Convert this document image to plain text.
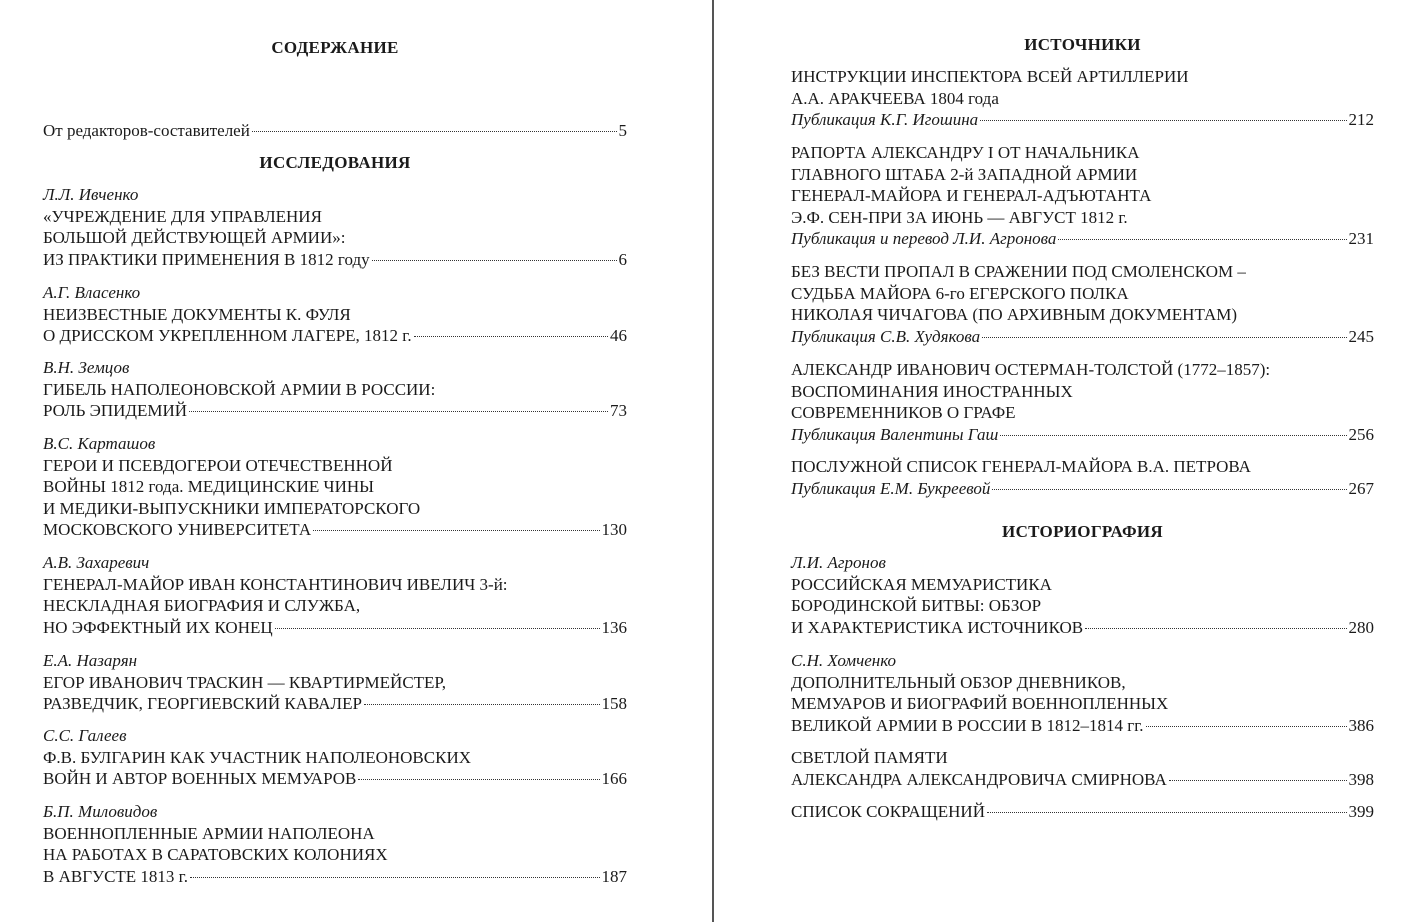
СОДЕРЖАНИЕ
От редакторов-составителей	5
ИССЛЕДОВАНИЯ
Л.Л. Ивченко
«УЧРЕЖДЕНИЕ ДЛЯ УПРАВЛЕНИЯ
БОЛЬШОЙ ДЕЙСТВУЮЩЕЙ АРМИИ»:
ИЗ ПРАКТИКИ ПРИМЕНЕНИЯ В 1812 году	6
А.Г. Власенко
НЕИЗВЕСТНЫЕ ДОКУМЕНТЫ К. ФУЛЯ
О ДРИССКОМ УКРЕПЛЕННОМ ЛАГЕРЕ, 1812 г.	46
В.Н. Земцов
ГИБЕЛЬ НАПОЛЕОНОВСКОЙ АРМИИ В РОССИИ:
РОЛЬ ЭПИДЕМИЙ	73
В.С. Карташов
ГЕРОИ И ПСЕВДОГЕРОИ ОТЕЧЕСТВЕННОЙ
ВОЙНЫ 1812 года. МЕДИЦИНСКИЕ ЧИНЫ
И МЕДИКИ-ВЫПУСКНИКИ ИМПЕРАТОРСКОГО
МОСКОВСКОГО УНИВЕРСИТЕТА	130
А.В. Захаревич
ГЕНЕРАЛ-МАЙОР ИВАН КОНСТАНТИНОВИЧ ИВЕЛИЧ 3-й:
НЕСКЛАДНАЯ БИОГРАФИЯ И СЛУЖБА,
НО ЭФФЕКТНЫЙ ИХ КОНЕЦ	136
Е.А. Назарян
ЕГОР ИВАНОВИЧ ТРАСКИН — КВАРТИРМЕЙСТЕР,
РАЗВЕДЧИК, ГЕОРГИЕВСКИЙ КАВАЛЕР	158
С.С. Галеев
Ф.В. БУЛГАРИН КАК УЧАСТНИК НАПОЛЕОНОВСКИХ
ВОЙН И АВТОР ВОЕННЫХ МЕМУАРОВ	166
Б.П. Миловидов
ВОЕННОПЛЕННЫЕ АРМИИ НАПОЛЕОНА
НА РАБОТАХ В САРАТОВСКИХ КОЛОНИЯХ
В АВГУСТЕ 1813 г.	187
ИСТОЧНИКИ
ИНСТРУКЦИИ ИНСПЕКТОРА ВСЕЙ АРТИЛЛЕРИИ
А.А. АРАКЧЕЕВА 1804 года
Публикация К.Г. Игошина	212
РАПОРТА АЛЕКСАНДРУ I ОТ НАЧАЛЬНИКА
ГЛАВНОГО ШТАБА 2-й ЗАПАДНОЙ АРМИИ
ГЕНЕРАЛ-МАЙОРА И ГЕНЕРАЛ-АДЪЮТАНТА
Э.Ф. СЕН-ПРИ ЗА ИЮНЬ — АВГУСТ 1812 г.
Публикация и перевод Л.И. Агронова	231
БЕЗ ВЕСТИ ПРОПАЛ В СРАЖЕНИИ ПОД СМОЛЕНСКОМ –
СУДЬБА МАЙОРА 6-го ЕГЕРСКОГО ПОЛКА
НИКОЛАЯ ЧИЧАГОВА (ПО АРХИВНЫМ ДОКУМЕНТАМ)
Публикация С.В. Худякова	245
АЛЕКСАНДР ИВАНОВИЧ ОСТЕРМАН-ТОЛСТОЙ (1772–1857):
ВОСПОМИНАНИЯ ИНОСТРАННЫХ
СОВРЕМЕННИКОВ О ГРАФЕ
Публикация Валентины Гаш	256
ПОСЛУЖНОЙ СПИСОК ГЕНЕРАЛ-МАЙОРА В.А. ПЕТРОВА
Публикация Е.М. Букреевой	267
ИСТОРИОГРАФИЯ
Л.И. Агронов
РОССИЙСКАЯ МЕМУАРИСТИКА
БОРОДИНСКОЙ БИТВЫ: ОБЗОР
И ХАРАКТЕРИСТИКА ИСТОЧНИКОВ	280
С.Н. Хомченко
ДОПОЛНИТЕЛЬНЫЙ ОБЗОР ДНЕВНИКОВ,
МЕМУАРОВ И БИОГРАФИЙ ВОЕННОПЛЕННЫХ
ВЕЛИКОЙ АРМИИ В РОССИИ В 1812–1814 гг.	386
СВЕТЛОЙ ПАМЯТИ
АЛЕКСАНДРА АЛЕКСАНДРОВИЧА СМИРНОВА	398
СПИСОК СОКРАЩЕНИЙ	399
